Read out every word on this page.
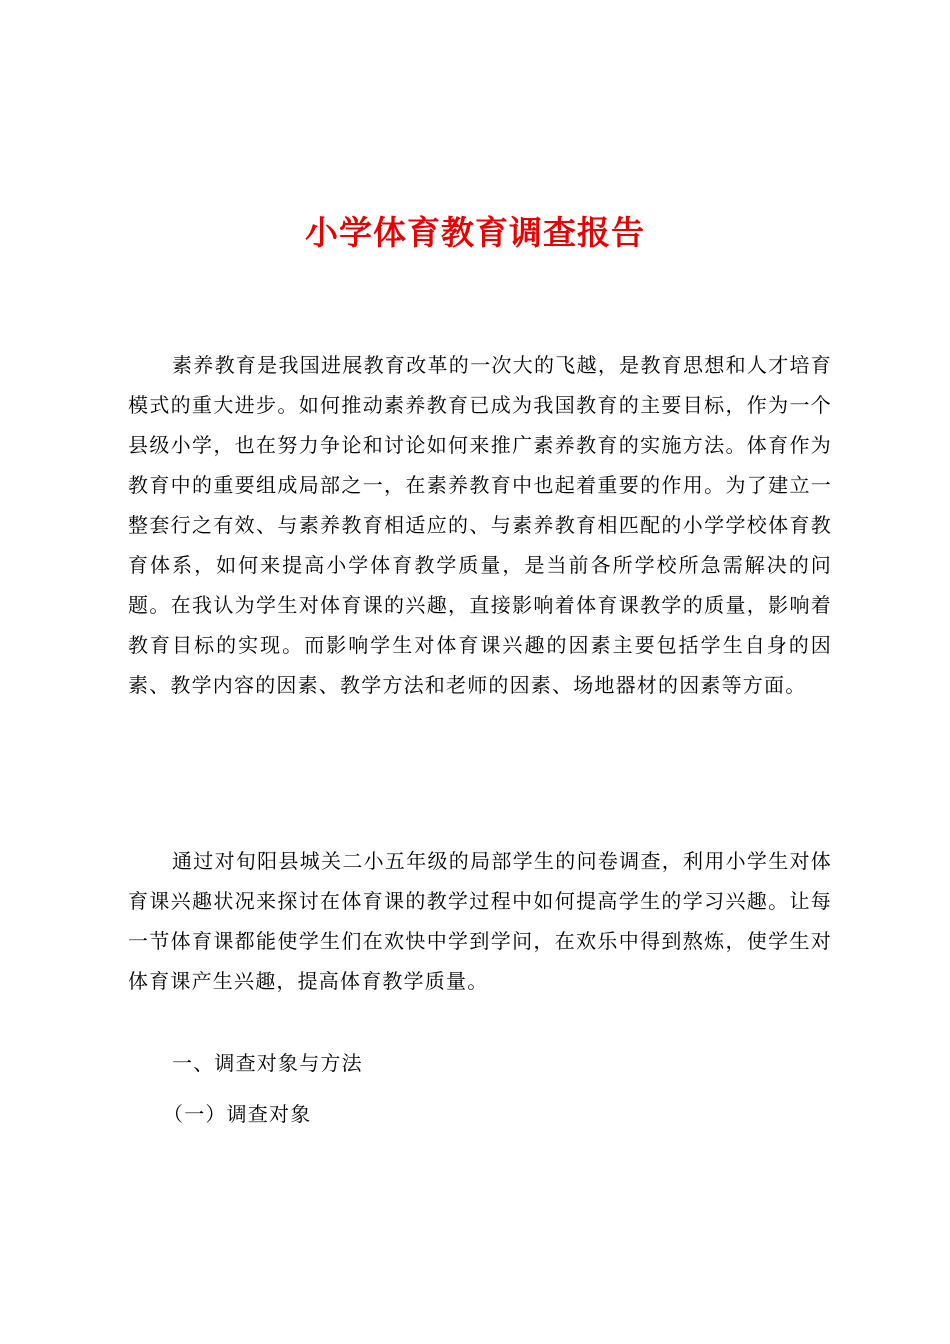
小学体育教育调查报告

素养教育是我国进展教育改革的一次大的飞越，是教育思想和人才培育模式的重大进步。如何推动素养教育已成为我国教育的主要目标，作为一个县级小学，也在努力争论和讨论如何来推广素养教育的实施方法。体育作为教育中的重要组成局部之一，在素养教育中也起着重要的作用。为了建立一整套行之有效、与素养教育相适应的、与素养教育相匹配的小学学校体育教育体系，如何来提高小学体育教学质量，是当前各所学校所急需解决的问题。在我认为学生对体育课的兴趣，直接影响着体育课教学的质量，影响着教育目标的实现。而影响学生对体育课兴趣的因素主要包括学生自身的因素、教学内容的因素、教学方法和老师的因素、场地器材的因素等方面。

通过对旬阳县城关二小五年级的局部学生的问卷调查，利用小学生对体育课兴趣状况来探讨在体育课的教学过程中如何提高学生的学习兴趣。让每一节体育课都能使学生们在欢快中学到学问，在欢乐中得到熬炼，使学生对体育课产生兴趣，提高体育教学质量。

一、调查对象与方法

（一）调查对象
